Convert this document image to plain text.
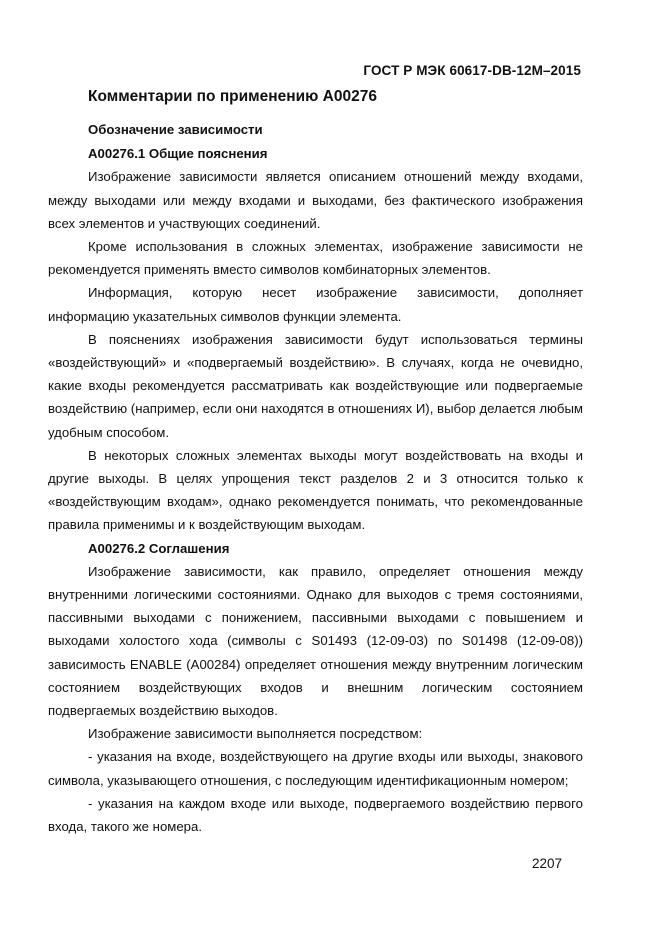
ГОСТ Р МЭК 60617-DB-12M–2015
Комментарии по применению А00276

Обозначение зависимости

А00276.1 Общие пояснения

Изображение зависимости является описанием отношений между входами, между выходами или между входами и выходами, без фактического изображения всех элементов и участвующих соединений.

Кроме использования в сложных элементах, изображение зависимости не рекомендуется применять вместо символов комбинаторных элементов.

Информация, которую несет изображение зависимости, дополняет информацию указательных символов функции элемента.

В пояснениях изображения зависимости будут использоваться термины «воздействующий» и «подвергаемый воздействию». В случаях, когда не очевидно, какие входы рекомендуется рассматривать как воздействующие или подвергаемые воздействию (например, если они находятся в отношениях И), выбор делается любым удобным способом.

В некоторых сложных элементах выходы могут воздействовать на входы и другие выходы. В целях упрощения текст разделов 2 и 3 относится только к «воздействующим входам», однако рекомендуется понимать, что рекомендованные правила применимы и к воздействующим выходам.

А00276.2 Соглашения

Изображение зависимости, как правило, определяет отношения между внутренними логическими состояниями. Однако для выходов с тремя состояниями, пассивными выходами с понижением, пассивными выходами с повышением и выходами холостого хода (символы с S01493 (12-09-03) по S01498 (12-09-08)) зависимость ENABLE (А00284) определяет отношения между внутренним логическим состоянием воздействующих входов и внешним логическим состоянием подвергаемых воздействию выходов.

Изображение зависимости выполняется посредством:

- указания на входе, воздействующего на другие входы или выходы, знакового символа, указывающего отношения, с последующим идентификационным номером;

- указания на каждом входе или выходе, подвергаемого воздействию первого входа, такого же номера.

2207
